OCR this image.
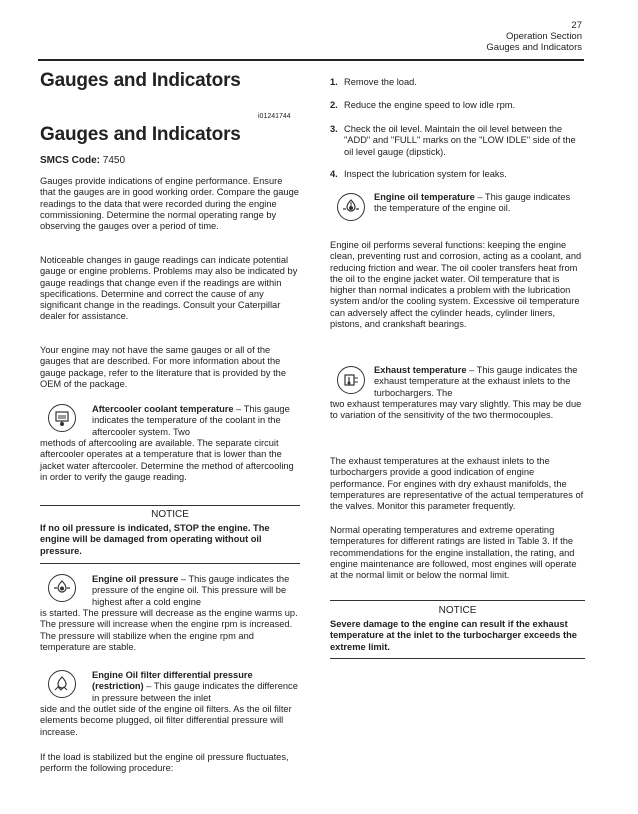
27
Operation Section
Gauges and Indicators
Gauges and Indicators
i01241744
Gauges and Indicators
SMCS Code: 7450
Gauges provide indications of engine performance. Ensure that the gauges are in good working order. Compare the gauge readings to the data that were recorded during the engine commissioning. Determine the normal operating range by observing the gauges over a period of time.
Noticeable changes in gauge readings can indicate potential gauge or engine problems. Problems may also be indicated by gauge readings that change even if the readings are within specifications. Determine and correct the cause of any significant change in the readings. Consult your Caterpillar dealer for assistance.
Your engine may not have the same gauges or all of the gauges that are described. For more information about the gauge package, refer to the literature that is provided by the OEM of the package.
Aftercooler coolant temperature – This gauge indicates the temperature of the coolant in the aftercooler system. Two
methods of aftercooling are available. The separate circuit aftercooler operates at a temperature that is lower than the jacket water aftercooler. Determine the method of aftercooling in order to verify the gauge reading.
NOTICE
If no oil pressure is indicated, STOP the engine. The engine will be damaged from operating without oil pressure.
Engine oil pressure – This gauge indicates the pressure of the engine oil. This pressure will be highest after a cold engine
is started. The pressure will decrease as the engine warms up. The pressure will increase when the engine rpm is increased. The pressure will stabilize when the engine rpm and temperature are stable.
Engine Oil filter differential pressure (restriction) – This gauge indicates the difference in pressure between the inlet
side and the outlet side of the engine oil filters. As the oil filter elements become plugged, oil filter differential pressure will increase.
If the load is stabilized but the engine oil pressure fluctuates, perform the following procedure:
1. Remove the load.
2. Reduce the engine speed to low idle rpm.
3. Check the oil level. Maintain the oil level between the "ADD" and "FULL" marks on the "LOW IDLE" side of the oil level gauge (dipstick).
4. Inspect the lubrication system for leaks.
Engine oil temperature – This gauge indicates the temperature of the engine oil.
Engine oil performs several functions: keeping the engine clean, preventing rust and corrosion, acting as a coolant, and reducing friction and wear. The oil cooler transfers heat from the oil to the engine jacket water. Oil temperature that is higher than normal indicates a problem with the lubrication system and/or the cooling system. Excessive oil temperature can adversely affect the cylinder heads, cylinder liners, pistons, and crankshaft bearings.
Exhaust temperature – This gauge indicates the exhaust temperature at the exhaust inlets to the turbochargers. The
two exhaust temperatures may vary slightly. This may be due to variation of the sensitivity of the two thermocouples.
The exhaust temperatures at the exhaust inlets to the turbochargers provide a good indication of engine performance. For engines with dry exhaust manifolds, the temperatures are representative of the actual temperatures of the valves. Monitor this parameter frequently.
Normal operating temperatures and extreme operating temperatures for different ratings are listed in Table 3. If the recommendations for the engine installation, the rating, and engine maintenance are followed, most engines will operate at the normal limit or below the normal limit.
NOTICE
Severe damage to the engine can result if the exhaust temperature at the inlet to the turbocharger exceeds the extreme limit.
